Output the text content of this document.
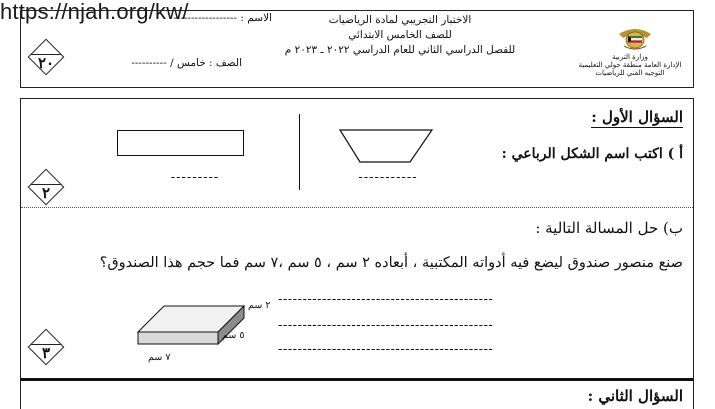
https://njah.org/kw/
٢٠
الاسم : ------------------
الصف : خامس / ----------
الاختبار التجريبي لمادة الرياضيات
للصف الخامس الابتدائي
للفصل الدراسي الثاني للعام الدراسي ٢٠٢٢ ـ ٢٠٢٣ م
وزارة التربية
الإدارة العامة منطقة حولي التعليمية
التوجيه الفني للرياضيات
السؤال الأول :
أ ) اكتب اسم الشكل الرباعي :
-----------
---------
٢
ب) حل المسالة التالية :
صنع منصور صندوق ليضع فيه أدواته المكتبية ، أبعاده ٢ سم ، ٥ سم ،٧ سم فما حجم هذا الصندوق؟
--------------------------------------------
--------------------------------------------
--------------------------------------------
٢ سم
٥ سم
٧ سم
٣
السؤال الثاني :
